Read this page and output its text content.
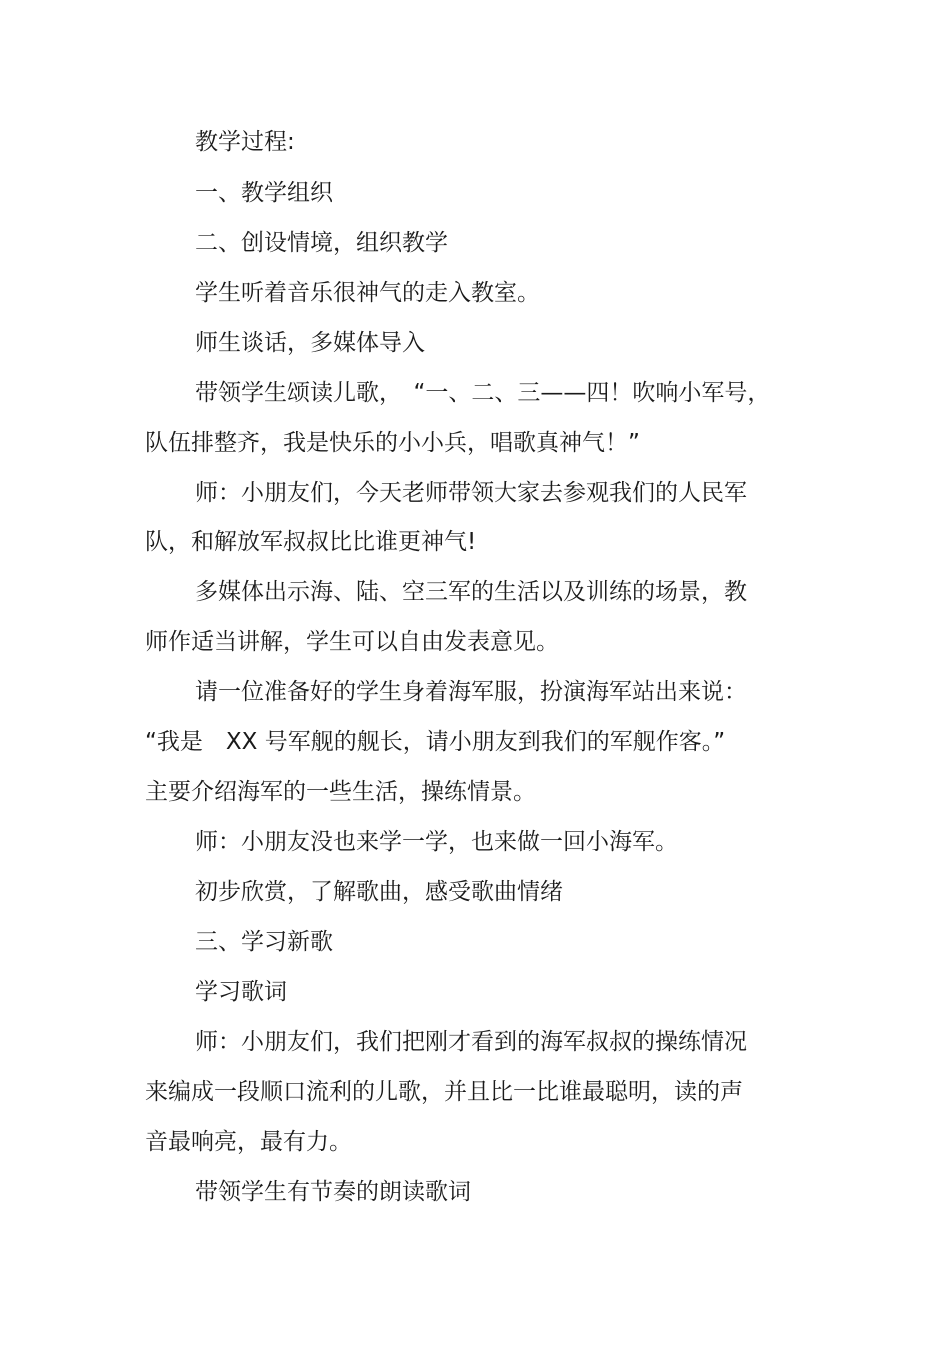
教学过程:

一、教学组织

二、创设情境，组织教学

学生听着音乐很神气的走入教室。

师生谈话，多媒体导入

带领学生颂读儿歌，　“一、二、三——四！吹响小军号，

队伍排整齐，我是快乐的小小兵，唱歌真神气！”

师：小朋友们，今天老师带领大家去参观我们的人民军

队，和解放军叔叔比比谁更神气!

多媒体出示海、陆、空三军的生活以及训练的场景，教

师作适当讲解，学生可以自由发表意见。

请一位准备好的学生身着海军服，扮演海军站出来说：

“我是　XX 号军舰的舰长，请小朋友到我们的军舰作客。”

主要介绍海军的一些生活，操练情景。

师：小朋友没也来学一学，也来做一回小海军。

初步欣赏，了解歌曲，感受歌曲情绪

三、学习新歌

学习歌词

师：小朋友们，我们把刚才看到的海军叔叔的操练情况

来编成一段顺口流利的儿歌，并且比一比谁最聪明，读的声

音最响亮，最有力。

带领学生有节奏的朗读歌词
